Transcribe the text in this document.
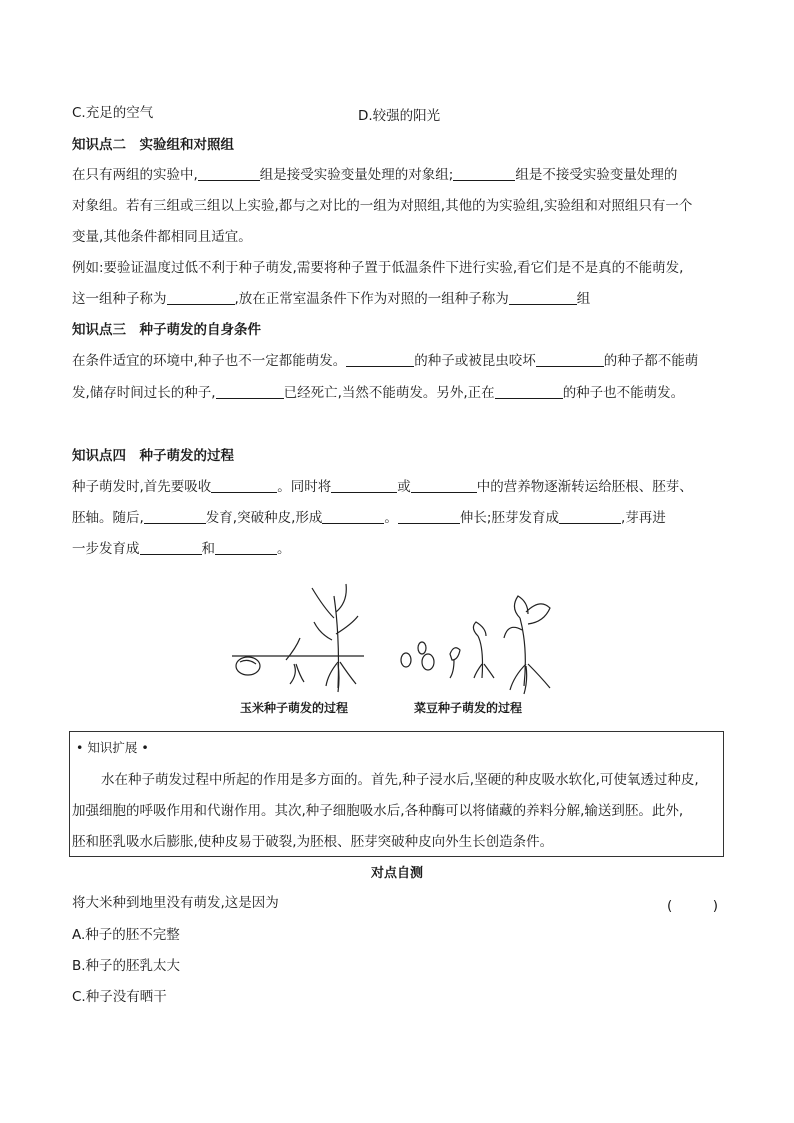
C.充足的空气	D.较强的阳光
知识点二　实验组和对照组
在只有两组的实验中,	组是接受实验变量处理的对象组;	组是不接受实验变量处理的
对象组。若有三组或三组以上实验,都与之对比的一组为对照组,其他的为实验组,实验组和对照组只有一个
变量,其他条件都相同且适宜。
例如:要验证温度过低不利于种子萌发,需要将种子置于低温条件下进行实验,看它们是不是真的不能萌发,
这一组种子称为	,放在正常室温条件下作为对照的一组种子称为	组
知识点三　种子萌发的自身条件
在条件适宜的环境中,种子也不一定都能萌发。	的种子或被昆虫咬坏	的种子都不能萌
发,储存时间过长的种子,	已经死亡,当然不能萌发。另外,正在	的种子也不能萌发。
知识点四　种子萌发的过程
种子萌发时,首先要吸收	。同时将	或	中的营养物逐渐转运给胚根、胚芽、
胚轴。随后,	发育,突破种皮,形成	。	伸长;胚芽发育成	,芽再进
一步发育成	和	。
玉米种子萌发的过程	菜豆种子萌发的过程
• 知识扩展 •
水在种子萌发过程中所起的作用是多方面的。首先,种子浸水后,坚硬的种皮吸水软化,可使氧透过种皮,
加强细胞的呼吸作用和代谢作用。其次,种子细胞吸水后,各种酶可以将储藏的养料分解,输送到胚。此外,
胚和胚乳吸水后膨胀,使种皮易于破裂,为胚根、胚芽突破种皮向外生长创造条件。
对点自测
将大米种到地里没有萌发,这是因为	(　　　)
A.种子的胚不完整
B.种子的胚乳太大
C.种子没有晒干
